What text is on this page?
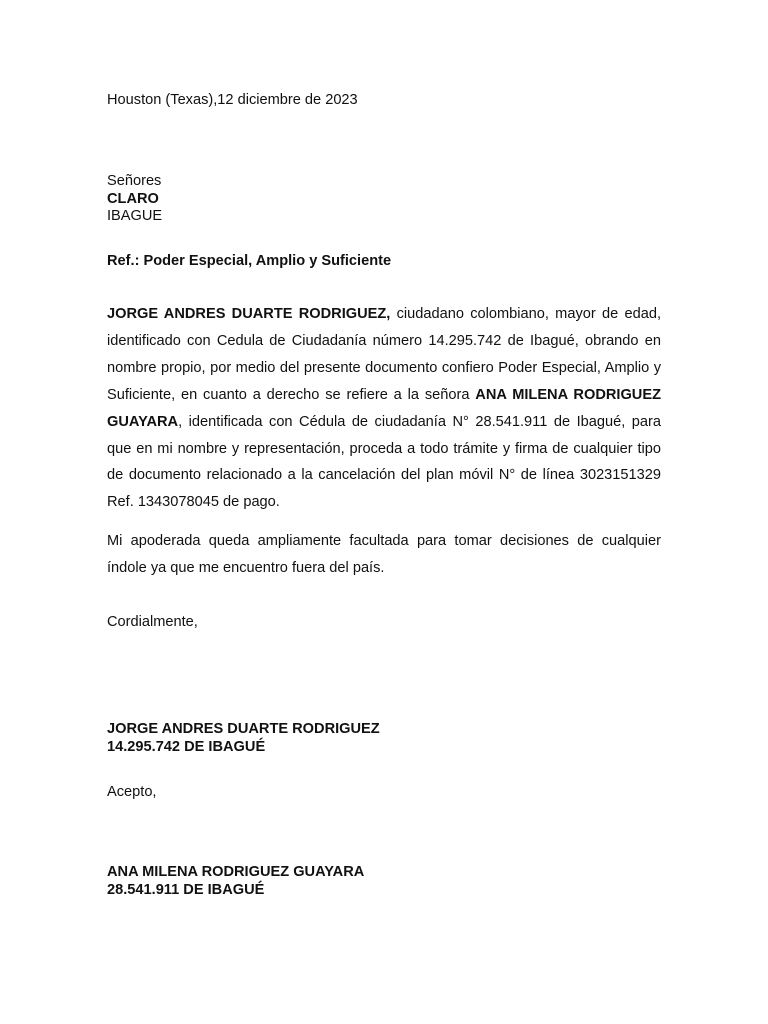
Houston (Texas),12 diciembre de 2023
Señores
CLARO
IBAGUE
Ref.: Poder Especial, Amplio y Suficiente
JORGE ANDRES DUARTE RODRIGUEZ, ciudadano colombiano, mayor de edad, identificado con Cedula de Ciudadanía número 14.295.742 de Ibagué, obrando en nombre propio, por medio del presente documento confiero Poder Especial, Amplio y Suficiente, en cuanto a derecho se refiere a la señora ANA MILENA RODRIGUEZ GUAYARA, identificada con Cédula de ciudadanía N° 28.541.911 de Ibagué, para que en mi nombre y representación, proceda a todo trámite y firma de cualquier tipo de documento relacionado a la cancelación del plan móvil N° de línea 3023151329 Ref. 1343078045 de pago.
Mi apoderada queda ampliamente facultada para tomar decisiones de cualquier índole ya que me encuentro fuera del país.
Cordialmente,
JORGE ANDRES DUARTE RODRIGUEZ
14.295.742 DE IBAGUÉ
Acepto,
ANA MILENA RODRIGUEZ GUAYARA
28.541.911 DE IBAGUÉ
